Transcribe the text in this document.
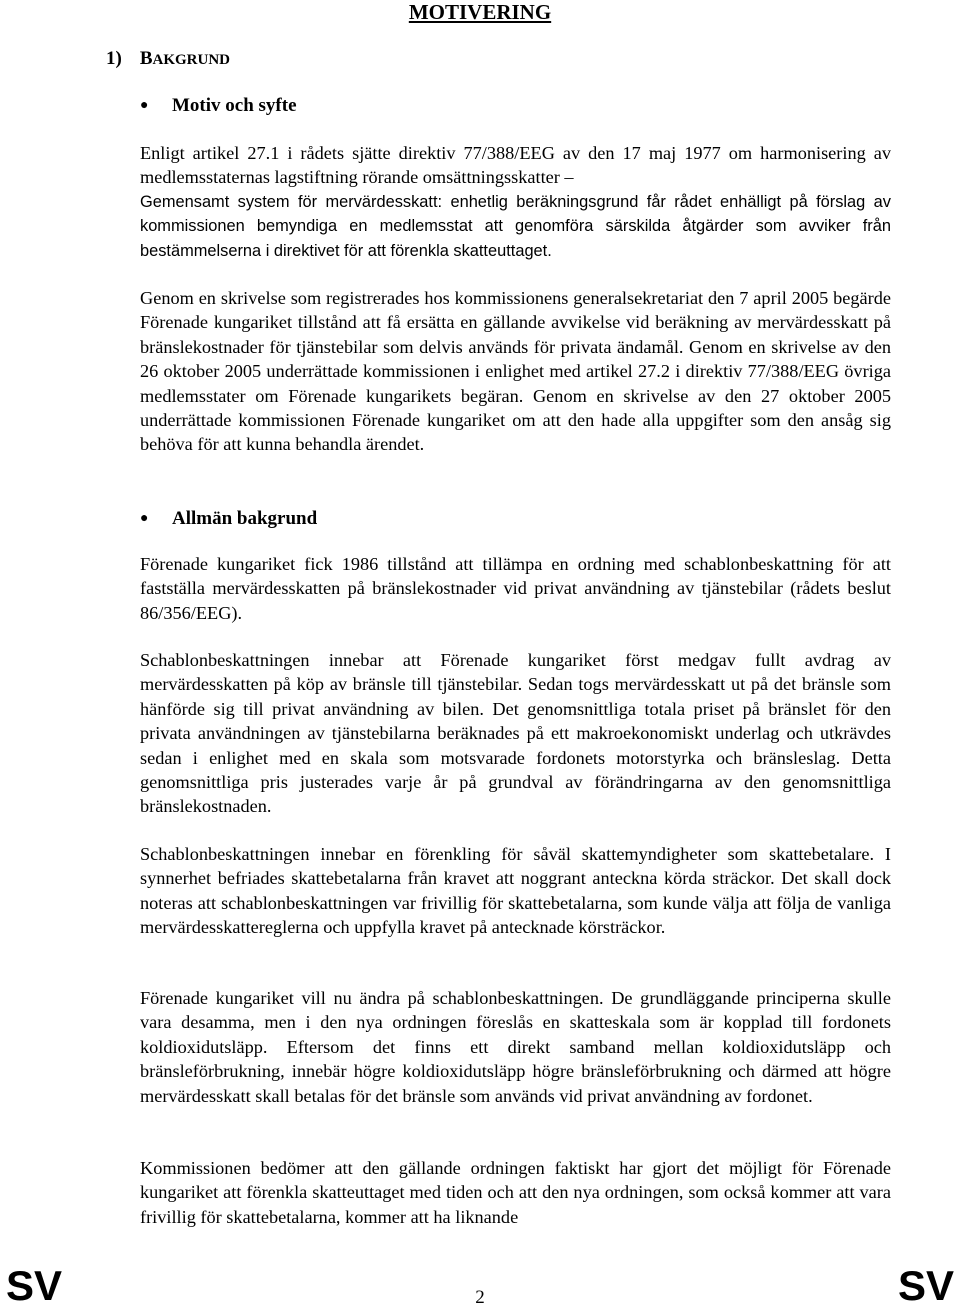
MOTIVERING
1) BAKGRUND
● Motiv och syfte

Enligt artikel 27.1 i rådets sjätte direktiv 77/388/EEG av den 17 maj 1977 om harmonisering av medlemsstaternas lagstiftning rörande omsättningsskatter –

Gemensamt system för mervärdesskatt: enhetlig beräkningsgrund får rådet enhälligt på förslag av kommissionen bemyndiga en medlemsstat att genomföra särskilda åtgärder som avviker från bestämmelserna i direktivet för att förenkla skatteuttaget.

Genom en skrivelse som registrerades hos kommissionens generalsekretariat den 7 april 2005 begärde Förenade kungariket tillstånd att få ersätta en gällande avvikelse vid beräkning av mervärdesskatt på bränslekostnader för tjänstebilar som delvis används för privata ändamål. Genom en skrivelse av den 26 oktober 2005 underrättade kommissionen i enlighet med artikel 27.2 i direktiv 77/388/EEG övriga medlemsstater om Förenade kungarikets begäran. Genom en skrivelse av den 27 oktober 2005 underrättade kommissionen Förenade kungariket om att den hade alla uppgifter som den ansåg sig behöva för att kunna behandla ärendet.

● Allmän bakgrund

Förenade kungariket fick 1986 tillstånd att tillämpa en ordning med schablonbeskattning för att fastställa mervärdesskatten på bränslekostnader vid privat användning av tjänstebilar (rådets beslut 86/356/EEG).

Schablonbeskattningen innebar att Förenade kungariket först medgav fullt avdrag av mervärdesskatten på köp av bränsle till tjänstebilar. Sedan togs mervärdesskatt ut på det bränsle som hänförde sig till privat användning av bilen. Det genomsnittliga totala priset på bränslet för den privata användningen av tjänstebilarna beräknades på ett makroekonomiskt underlag och utkrävdes sedan i enlighet med en skala som motsvarade fordonets motorstyrka och bränsleslag. Detta genomsnittliga pris justerades varje år på grundval av förändringarna av den genomsnittliga bränslekostnaden.

Schablonbeskattningen innebar en förenkling för såväl skattemyndigheter som skattebetalare. I synnerhet befriades skattebetalarna från kravet att noggrant anteckna körda sträckor. Det skall dock noteras att schablonbeskattningen var frivillig för skattebetalarna, som kunde välja att följa de vanliga mervärdesskattereglerna och uppfylla kravet på antecknade körsträckor.

Förenade kungariket vill nu ändra på schablonbeskattningen. De grundläggande principerna skulle vara desamma, men i den nya ordningen föreslås en skatteskala som är kopplad till fordonets koldioxidutsläpp. Eftersom det finns ett direkt samband mellan koldioxidutsläpp och bränsleförbrukning, innebär högre koldioxidutsläpp högre bränsleförbrukning och därmed att högre mervärdesskatt skall betalas för det bränsle som används vid privat användning av fordonet.

Kommissionen bedömer att den gällande ordningen faktiskt har gjort det möjligt för Förenade kungariket att förenkla skatteuttaget med tiden och att den nya ordningen, som också kommer att vara frivillig för skattebetalarna, kommer att ha liknande

SV	2	SV
